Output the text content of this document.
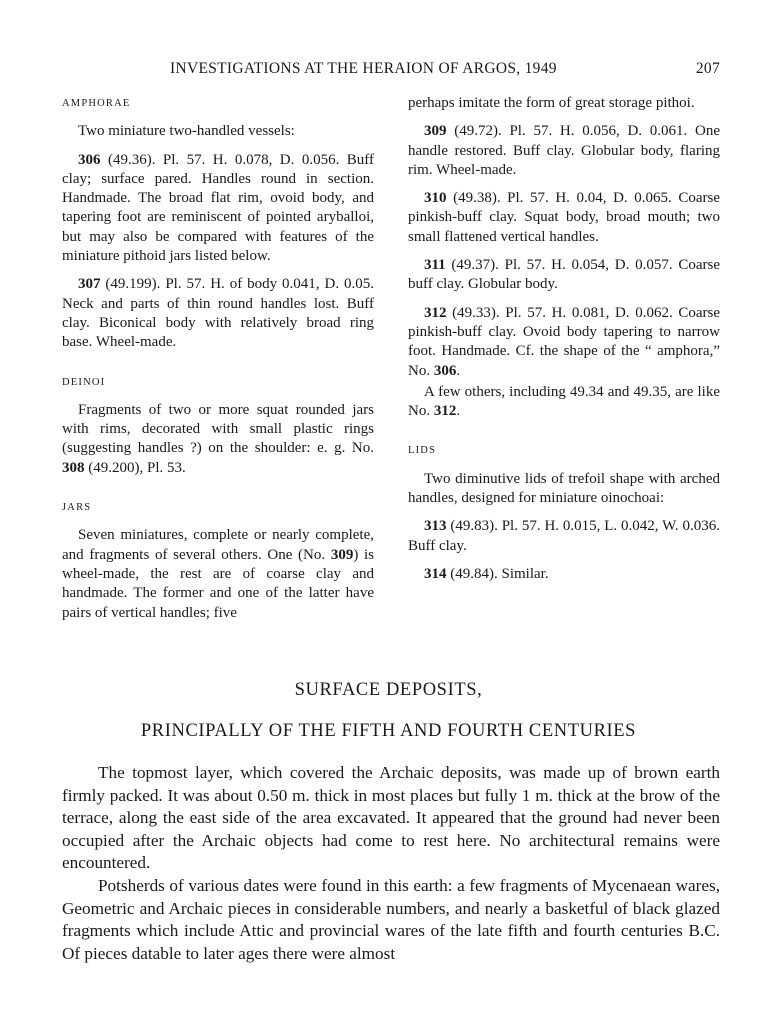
INVESTIGATIONS AT THE HERAION OF ARGOS, 1949	207
AMPHORAE

Two miniature two-handled vessels:

306 (49.36). Pl. 57. H. 0.078, D. 0.056. Buff clay; surface pared. Handles round in section. Handmade. The broad flat rim, ovoid body, and tapering foot are reminiscent of pointed aryballoi, but may also be compared with features of the miniature pithoid jars listed below.

307 (49.199). Pl. 57. H. of body 0.041, D. 0.05. Neck and parts of thin round handles lost. Buff clay. Biconical body with relatively broad ring base. Wheel-made.

DEINOI

Fragments of two or more squat rounded jars with rims, decorated with small plastic rings (suggesting handles ?) on the shoulder: e. g. No. 308 (49.200), Pl. 53.

JARS

Seven miniatures, complete or nearly complete, and fragments of several others. One (No. 309) is wheel-made, the rest are of coarse clay and handmade. The former and one of the latter have pairs of vertical handles; five

perhaps imitate the form of great storage pithoi.

309 (49.72). Pl. 57. H. 0.056, D. 0.061. One handle restored. Buff clay. Globular body, flaring rim. Wheel-made.

310 (49.38). Pl. 57. H. 0.04, D. 0.065. Coarse pinkish-buff clay. Squat body, broad mouth; two small flattened vertical handles.

311 (49.37). Pl. 57. H. 0.054, D. 0.057. Coarse buff clay. Globular body.

312 (49.33). Pl. 57. H. 0.081, D. 0.062. Coarse pinkish-buff clay. Ovoid body tapering to narrow foot. Handmade. Cf. the shape of the “ amphora,” No. 306.

A few others, including 49.34 and 49.35, are like No. 312.

LIDS

Two diminutive lids of trefoil shape with arched handles, designed for miniature oinochoai:

313 (49.83). Pl. 57. H. 0.015, L. 0.042, W. 0.036. Buff clay.

314 (49.84). Similar.

SURFACE DEPOSITS,
PRINCIPALLY OF THE FIFTH AND FOURTH CENTURIES

The topmost layer, which covered the Archaic deposits, was made up of brown earth firmly packed. It was about 0.50 m. thick in most places but fully 1 m. thick at the brow of the terrace, along the east side of the area excavated. It appeared that the ground had never been occupied after the Archaic objects had come to rest here. No architectural remains were encountered.

Potsherds of various dates were found in this earth: a few fragments of Mycenaean wares, Geometric and Archaic pieces in considerable numbers, and nearly a basketful of black glazed fragments which include Attic and provincial wares of the late fifth and fourth centuries B.C. Of pieces datable to later ages there were almost
